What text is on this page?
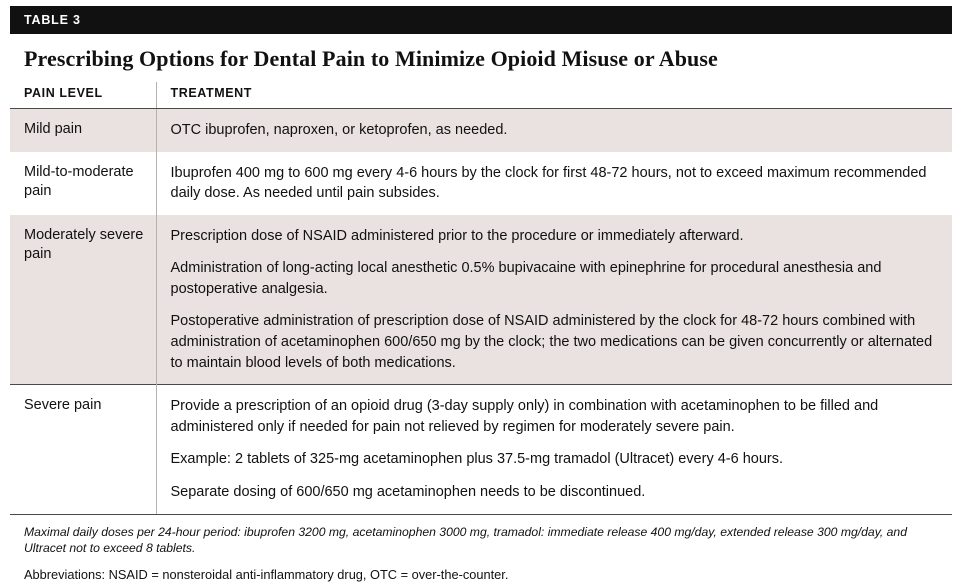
TABLE 3
Prescribing Options for Dental Pain to Minimize Opioid Misuse or Abuse
PAIN LEVEL	TREATMENT
Mild pain	OTC ibuprofen, naproxen, or ketoprofen, as needed.

Mild-to-moderate pain	Ibuprofen 400 mg to 600 mg every 4-6 hours by the clock for first 48-72 hours, not to exceed maximum recommended daily dose. As needed until pain subsides.

Moderately severe pain	Prescription dose of NSAID administered prior to the procedure or immediately afterward.

Administration of long-acting local anesthetic 0.5% bupivacaine with epinephrine for procedural anesthesia and postoperative analgesia.

Postoperative administration of prescription dose of NSAID administered by the clock for 48-72 hours combined with administration of acetaminophen 600/650 mg by the clock; the two medications can be given concurrently or alternated to maintain blood levels of both medications.

Severe pain	Provide a prescription of an opioid drug (3-day supply only) in combination with acetaminophen to be filled and administered only if needed for pain not relieved by regimen for moderately severe pain.

Example: 2 tablets of 325-mg acetaminophen plus 37.5-mg tramadol (Ultracet) every 4-6 hours.

Separate dosing of 600/650 mg acetaminophen needs to be discontinued.

Maximal daily doses per 24-hour period: ibuprofen 3200 mg, acetaminophen 3000 mg, tramadol: immediate release 400 mg/day, extended release 300 mg/day, and Ultracet not to exceed 8 tablets.
Abbreviations: NSAID = nonsteroidal anti-inflammatory drug, OTC = over-the-counter.
